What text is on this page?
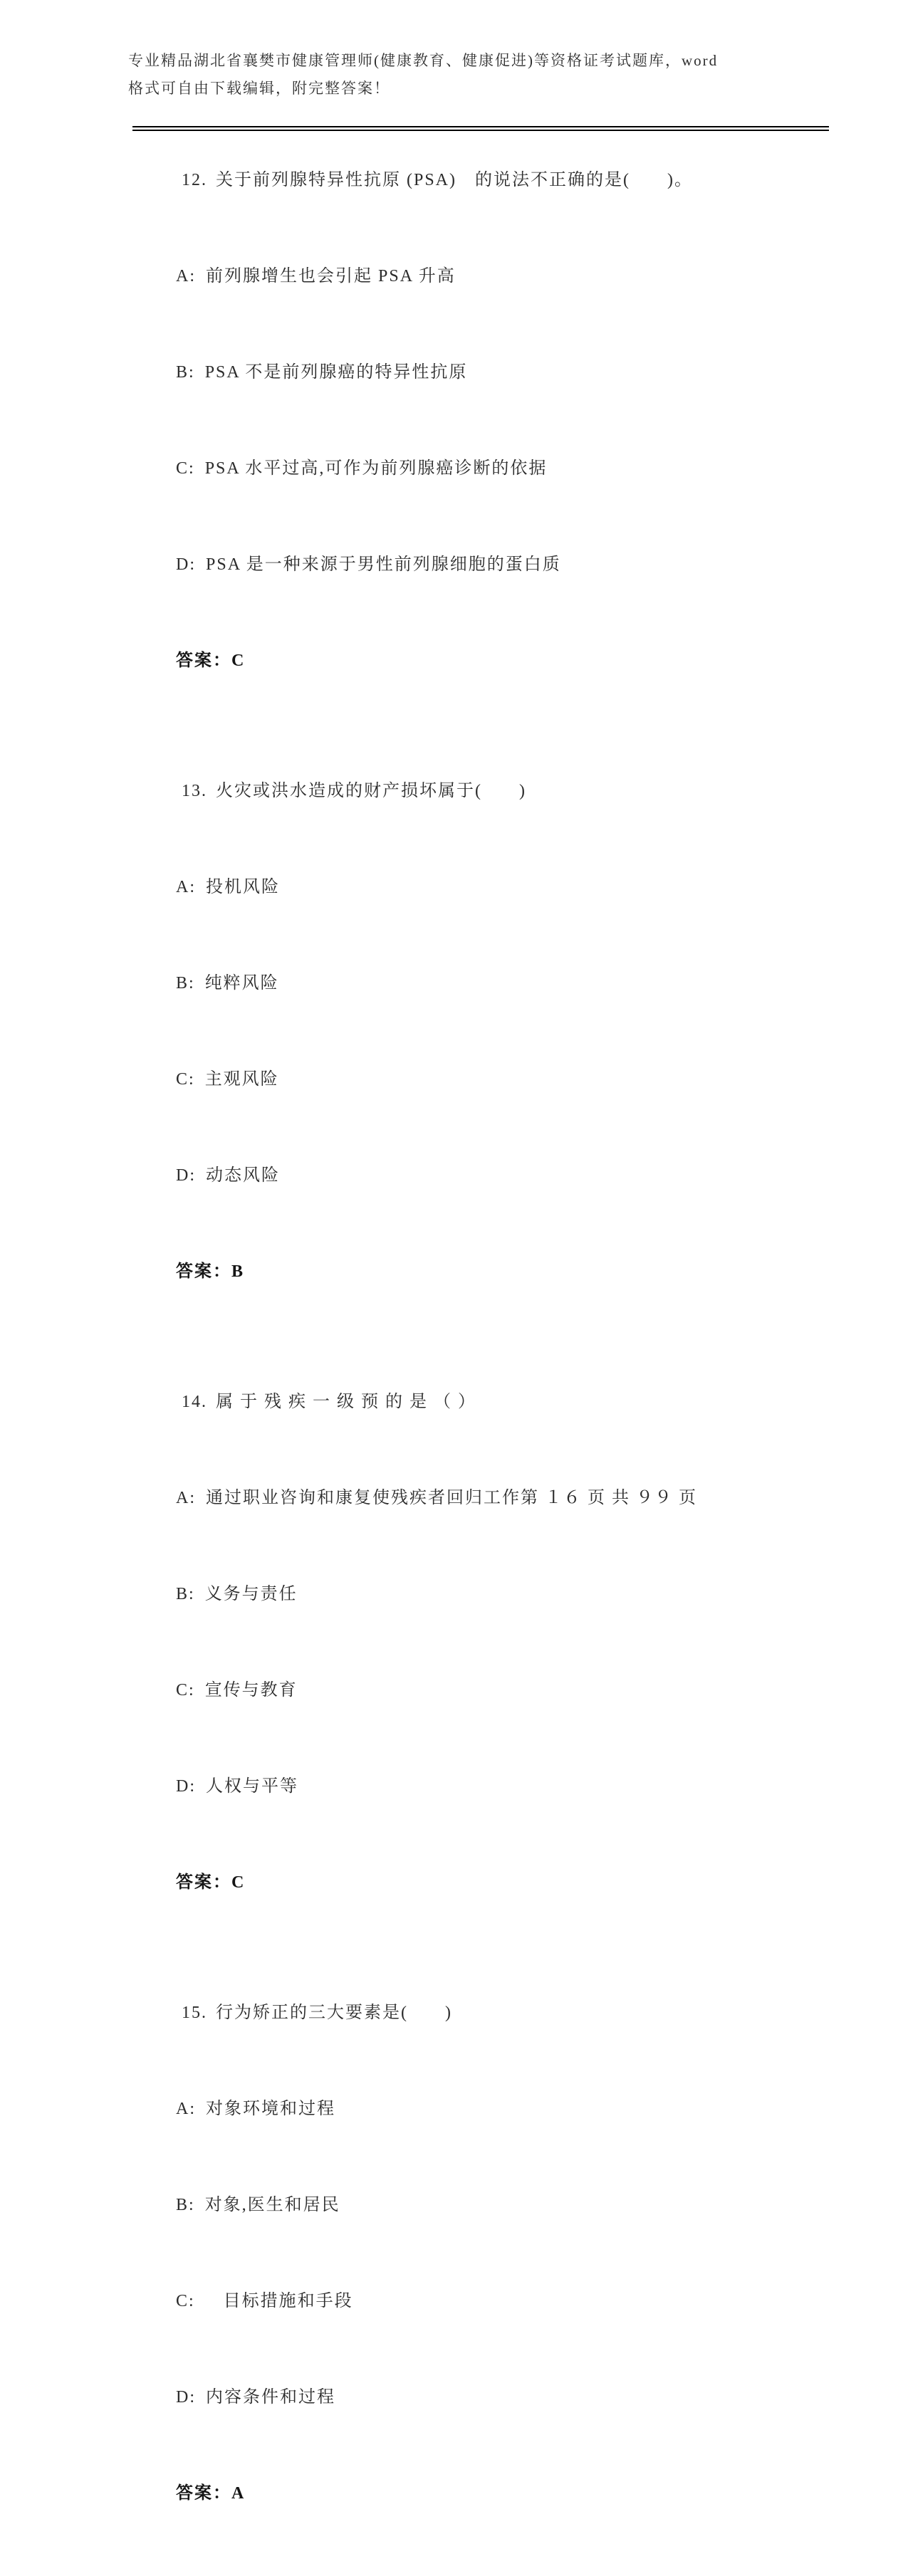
专业精品湖北省襄樊市健康管理师(健康教育、健康促进)等资格证考试题库，word
格式可自由下载编辑，附完整答案！

12. 关于前列腺特异性抗原 (PSA)　的说法不正确的是(　　)。

A: 前列腺增生也会引起 PSA 升高

B: PSA 不是前列腺癌的特异性抗原

C: PSA 水平过高,可作为前列腺癌诊断的依据

D: PSA 是一种来源于男性前列腺细胞的蛋白质

答案：C

13. 火灾或洪水造成的财产损坏属于(　　)

A: 投机风险

B: 纯粹风险

C: 主观风险

D: 动态风险

答案：B

14. 属 于 残 疾 一 级 预 的 是 （ ）

A: 通过职业咨询和康复使残疾者回归工作第 １６ 页 共 ９９ 页

B: 义务与责任

C: 宣传与教育

D: 人权与平等

答案：C

15. 行为矫正的三大要素是(　　)

A: 对象环境和过程

B: 对象,医生和居民

C:　目标措施和手段

D: 内容条件和过程

答案：A
